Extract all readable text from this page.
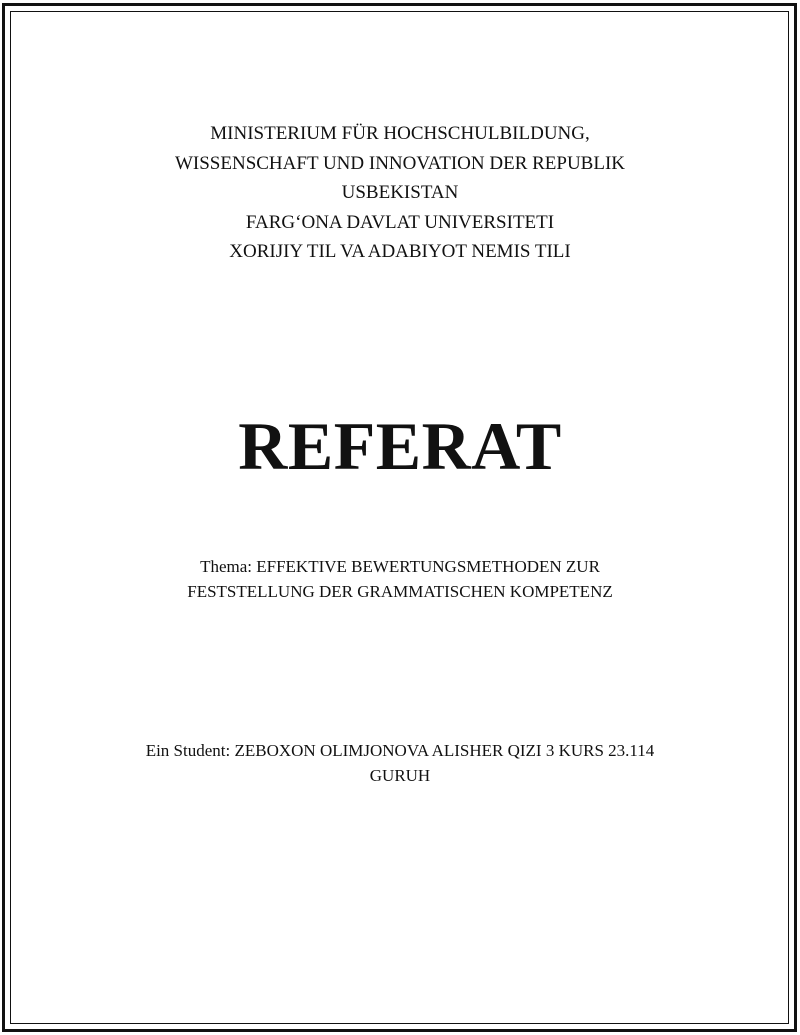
MINISTERIUM FÜR HOCHSCHULBILDUNG,
WISSENSCHAFT UND INNOVATION DER REPUBLIK
USBEKISTAN
FARG‘ONA DAVLAT UNIVERSITETI
XORIJIY TIL VA ADABIYOT NEMIS TILI
REFERAT
Thema: EFFEKTIVE BEWERTUNGSMETHODEN ZUR
FESTSTELLUNG DER GRAMMATISCHEN KOMPETENZ
Ein Student: ZEBOXON OLIMJONOVA ALISHER QIZI 3 KURS 23.114
GURUH
